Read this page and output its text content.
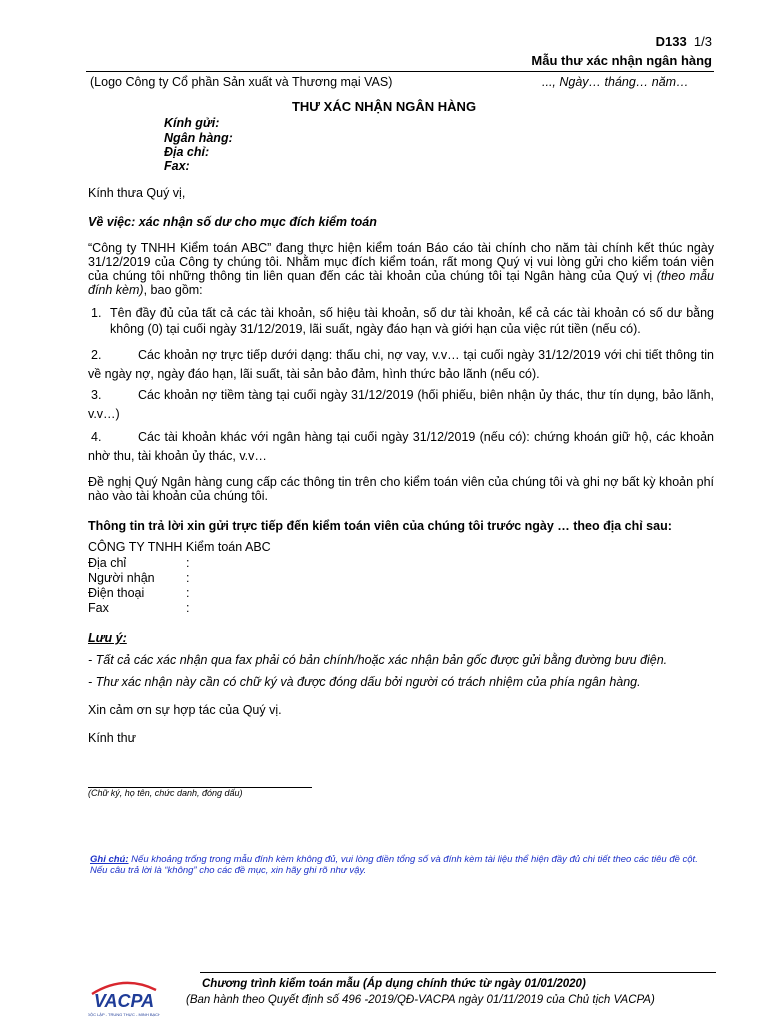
D133 1/3
Mẫu thư xác nhận ngân hàng
(Logo Công ty Cổ phần Sản xuất và Thương mại VAS)	..., Ngày… tháng… năm…
THƯ XÁC NHẬN NGÂN HÀNG
Kính gửi:
Ngân hàng:
Địa chỉ:
Fax:
Kính thưa Quý vị,
Về việc: xác nhận số dư cho mục đích kiểm toán
“Công ty TNHH Kiểm toán ABC” đang thực hiện kiểm toán Báo cáo tài chính cho năm tài chính kết thúc ngày 31/12/2019 của Công ty chúng tôi. Nhằm mục đích kiểm toán, rất mong Quý vị vui lòng gửi cho kiểm toán viên của chúng tôi những thông tin liên quan đến các tài khoản của chúng tôi tại Ngân hàng của Quý vị (theo mẫu đính kèm), bao gồm:
1. Tên đầy đủ của tất cả các tài khoản, số hiệu tài khoản, số dư tài khoản, kể cả các tài khoản có số dư bằng không (0) tại cuối ngày 31/12/2019, lãi suất, ngày đáo hạn và giới hạn của việc rút tiền (nếu có).
2.	Các khoản nợ trực tiếp dưới dạng: thấu chi, nợ vay, v.v… tại cuối ngày 31/12/2019 với chi tiết thông tin về ngày nợ, ngày đáo hạn, lãi suất, tài sản bảo đảm, hình thức bảo lãnh (nếu có).
3.	Các khoản nợ tiềm tàng tại cuối ngày 31/12/2019 (hối phiếu, biên nhận ủy thác, thư tín dụng, bảo lãnh, v.v…)
4.	Các tài khoản khác với ngân hàng tại cuối ngày 31/12/2019 (nếu có): chứng khoán giữ hộ, các khoản nhờ thu, tài khoản ủy thác, v.v…
Đề nghị Quý Ngân hàng cung cấp các thông tin trên cho kiểm toán viên của chúng tôi và ghi nợ bất kỳ khoản phí nào vào tài khoản của chúng tôi.
Thông tin trả lời xin gửi trực tiếp đến kiểm toán viên của chúng tôi trước ngày … theo địa chỉ sau:
CÔNG TY TNHH Kiểm toán ABC
Địa chỉ	:
Người nhận	:
Điện thoại	:
Fax	:
Lưu ý:
- Tất cả các xác nhận qua fax phải có bản chính/hoặc xác nhận bản gốc được gửi bằng đường bưu điện.
- Thư xác nhận này cần có chữ ký và được đóng dấu bởi người có trách nhiệm của phía ngân hàng.
Xin cảm ơn sự hợp tác của Quý vị.
Kính thư
(Chữ ký, họ tên, chức danh, đóng dấu)
Ghi chú: Nếu khoảng trống trong mẫu đính kèm không đủ, vui lòng điền tổng số và đính kèm tài liệu thể hiện đầy đủ chi tiết theo các tiêu đề cột. Nếu câu trả lời là “không” cho các đề mục, xin hãy ghi rõ như vậy.
VACPA
ĐỘC LẬP - TRUNG THỰC - MINH BẠCH
Chương trình kiểm toán mẫu (Áp dụng chính thức từ ngày 01/01/2020)
(Ban hành theo Quyết định số 496 -2019/QĐ-VACPA ngày 01/11/2019 của Chủ tịch VACPA)
